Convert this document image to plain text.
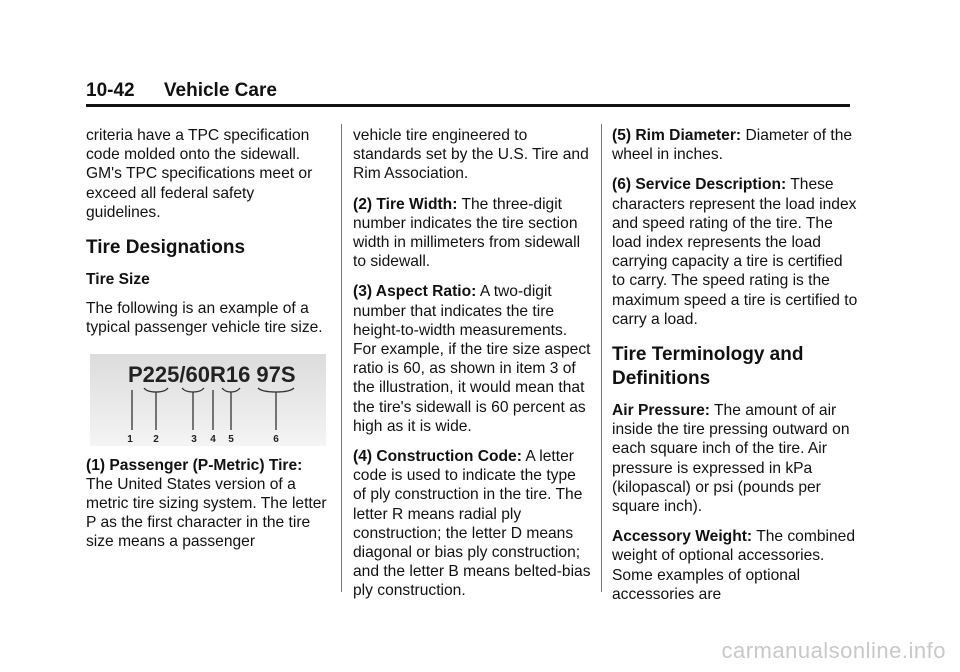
10-42 Vehicle Care

criteria have a TPC specification code molded onto the sidewall. GM's TPC specifications meet or exceed all federal safety guidelines.

Tire Designations
Tire Size

The following is an example of a typical passenger vehicle tire size.

P225/60R16 97S
1 2	3 4 5	6

(1) Passenger (P-Metric) Tire: The United States version of a metric tire sizing system. The letter P as the first character in the tire size means a passenger

vehicle tire engineered to standards set by the U.S. Tire and Rim Association.

(2) Tire Width: The three-digit number indicates the tire section width in millimeters from sidewall to sidewall.

(3) Aspect Ratio: A two-digit number that indicates the tire height-to-width measurements. For example, if the tire size aspect ratio is 60, as shown in item 3 of the illustration, it would mean that the tire's sidewall is 60 percent as high as it is wide.

(4) Construction Code: A letter code is used to indicate the type of ply construction in the tire. The letter R means radial ply construction; the letter D means diagonal or bias ply construction; and the letter B means belted-bias ply construction.

(5) Rim Diameter: Diameter of the wheel in inches.

(6) Service Description: These characters represent the load index and speed rating of the tire. The load index represents the load carrying capacity a tire is certified to carry. The speed rating is the maximum speed a tire is certified to carry a load.

Tire Terminology and Definitions

Air Pressure: The amount of air inside the tire pressing outward on each square inch of the tire. Air pressure is expressed in kPa (kilopascal) or psi (pounds per square inch).

Accessory Weight: The combined weight of optional accessories. Some examples of optional accessories are

carmanualsonline.info
